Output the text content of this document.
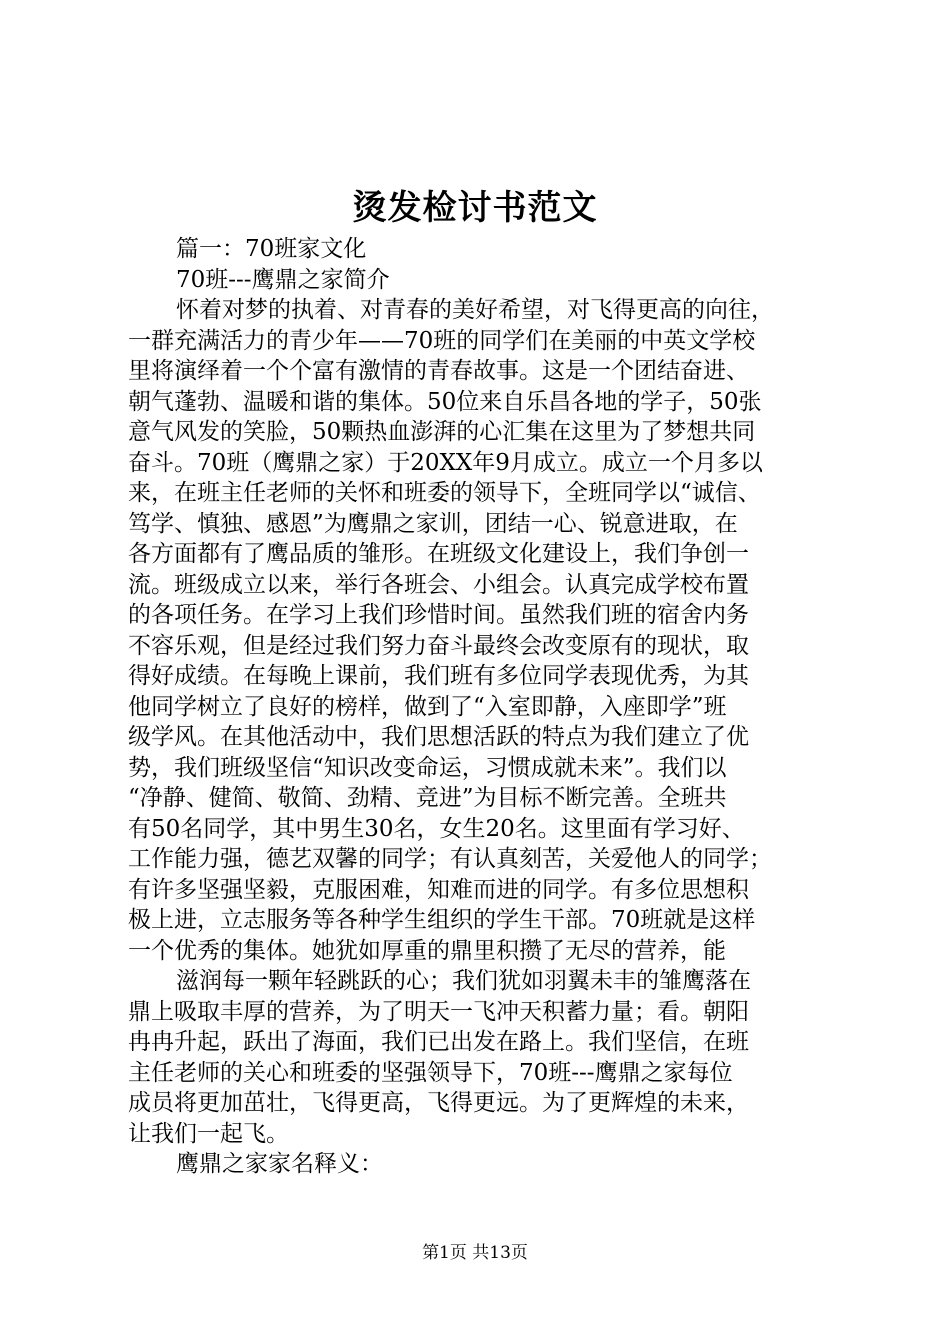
烫发检讨书范文
篇一：70班家文化
70班---鹰鼎之家简介
怀着对梦的执着、对青春的美好希望，对飞得更高的向往，
一群充满活力的青少年——70班的同学们在美丽的中英文学校
里将演绎着一个个富有激情的青春故事。这是一个团结奋进、
朝气蓬勃、温暖和谐的集体。50位来自乐昌各地的学子，50张
意气风发的笑脸，50颗热血澎湃的心汇集在这里为了梦想共同
奋斗。70班（鹰鼎之家）于20XX年9月成立。成立一个月多以
来，在班主任老师的关怀和班委的领导下，全班同学以“诚信、
笃学、慎独、感恩”为鹰鼎之家训，团结一心、锐意进取，在
各方面都有了鹰品质的雏形。在班级文化建设上，我们争创一
流。班级成立以来，举行各班会、小组会。认真完成学校布置
的各项任务。在学习上我们珍惜时间。虽然我们班的宿舍内务
不容乐观，但是经过我们努力奋斗最终会改变原有的现状，取
得好成绩。在每晚上课前，我们班有多位同学表现优秀，为其
他同学树立了良好的榜样，做到了“入室即静，入座即学”班
级学风。在其他活动中，我们思想活跃的特点为我们建立了优
势，我们班级坚信“知识改变命运，习惯成就未来”。我们以
“净静、健简、敬简、劲精、竞进”为目标不断完善。全班共
有50名同学，其中男生30名，女生20名。这里面有学习好、
工作能力强，德艺双馨的同学；有认真刻苦，关爱他人的同学；
有许多坚强坚毅，克服困难，知难而进的同学。有多位思想积
极上进，立志服务等各种学生组织的学生干部。70班就是这样
一个优秀的集体。她犹如厚重的鼎里积攒了无尽的营养，能
滋润每一颗年轻跳跃的心；我们犹如羽翼未丰的雏鹰落在
鼎上吸取丰厚的营养，为了明天一飞冲天积蓄力量；看。朝阳
冉冉升起，跃出了海面，我们已出发在路上。我们坚信，在班
主任老师的关心和班委的坚强领导下，70班---鹰鼎之家每位
成员将更加茁壮，飞得更高，飞得更远。为了更辉煌的未来，
让我们一起飞。
鹰鼎之家家名释义：
第1页 共13页
